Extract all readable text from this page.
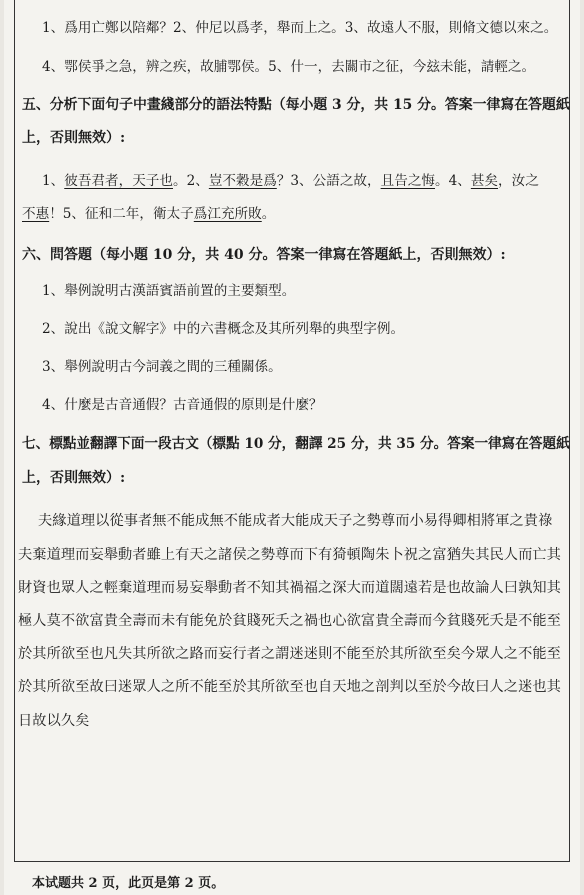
1、爲用亡鄭以陪鄰？2、仲尼以爲孝，舉而上之。3、故遠人不服，則脩文德以來之。
4、鄂侯爭之急，辨之疾，故脯鄂侯。5、什一，去關市之征，今玆未能，請輕之。
五、分析下面句子中畫綫部分的語法特點（每小題 3 分，共 15 分。答案一律寫在答題紙
上，否則無效）:
1、彼吾君者，天子也。2、豈不穀是爲？3、公語之故，且告之悔。4、甚矣，汝之
不惠！5、征和二年，衛太子爲江充所敗。
六、問答題（每小題 10 分，共 40 分。答案一律寫在答題紙上，否則無效）:
1、舉例說明古漢語賓語前置的主要類型。
2、說出《說文解字》中的六書概念及其所列舉的典型字例。
3、舉例說明古今詞義之間的三種關係。
4、什麼是古音通假？古音通假的原則是什麼？
七、標點並翻譯下面一段古文（標點 10 分，翻譯 25 分，共 35 分。答案一律寫在答題紙
上，否則無效）:
夫緣道理以從事者無不能成無不能成者大能成天子之勢尊而小易得卿相將軍之貴祿
夫棄道理而妄舉動者雖上有天之諸侯之勢尊而下有猗頓陶朱卜祝之富猶失其民人而亡其
財資也眾人之輕棄道理而易妄舉動者不知其禍福之深大而道闊遠若是也故論人曰孰知其
極人莫不欲富貴全壽而未有能免於貧賤死夭之禍也心欲富貴全壽而今貧賤死夭是不能至
於其所欲至也凡失其所欲之路而妄行者之謂迷迷則不能至於其所欲至矣今眾人之不能至
於其所欲至故曰迷眾人之所不能至於其所欲至也自天地之剖判以至於今故曰人之迷也其
日故以久矣
本试题共 2 页，此页是第 2 页。
